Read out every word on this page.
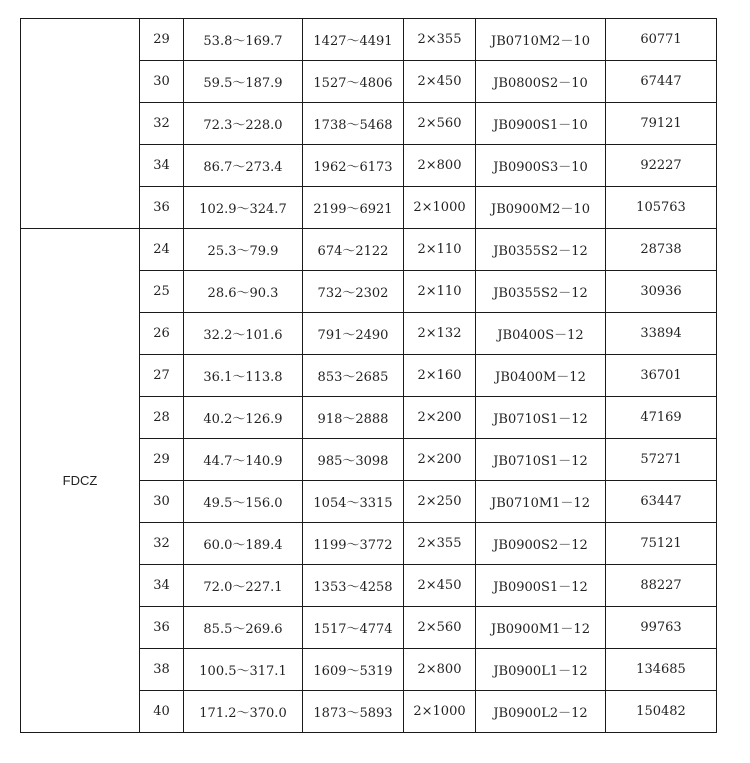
	29	53.8～169.7	1427～4491	2×355	JB0710M2－10	60771
	30	59.5～187.9	1527～4806	2×450	JB0800S2－10	67447
	32	72.3～228.0	1738～5468	2×560	JB0900S1－10	79121
	34	86.7～273.4	1962～6173	2×800	JB0900S3－10	92227
	36	102.9～324.7	2199～6921	2×1000	JB0900M2－10	105763
FDCZ	24	25.3～79.9	674～2122	2×110	JB0355S2－12	28738
	25	28.6～90.3	732～2302	2×110	JB0355S2－12	30936
	26	32.2～101.6	791～2490	2×132	JB0400S－12	33894
	27	36.1～113.8	853～2685	2×160	JB0400M－12	36701
	28	40.2～126.9	918～2888	2×200	JB0710S1－12	47169
	29	44.7～140.9	985～3098	2×200	JB0710S1－12	57271
	30	49.5～156.0	1054～3315	2×250	JB0710M1－12	63447
	32	60.0～189.4	1199～3772	2×355	JB0900S2－12	75121
	34	72.0～227.1	1353～4258	2×450	JB0900S1－12	88227
	36	85.5～269.6	1517～4774	2×560	JB0900M1－12	99763
	38	100.5～317.1	1609～5319	2×800	JB0900L1－12	134685
	40	171.2～370.0	1873～5893	2×1000	JB0900L2－12	150482
